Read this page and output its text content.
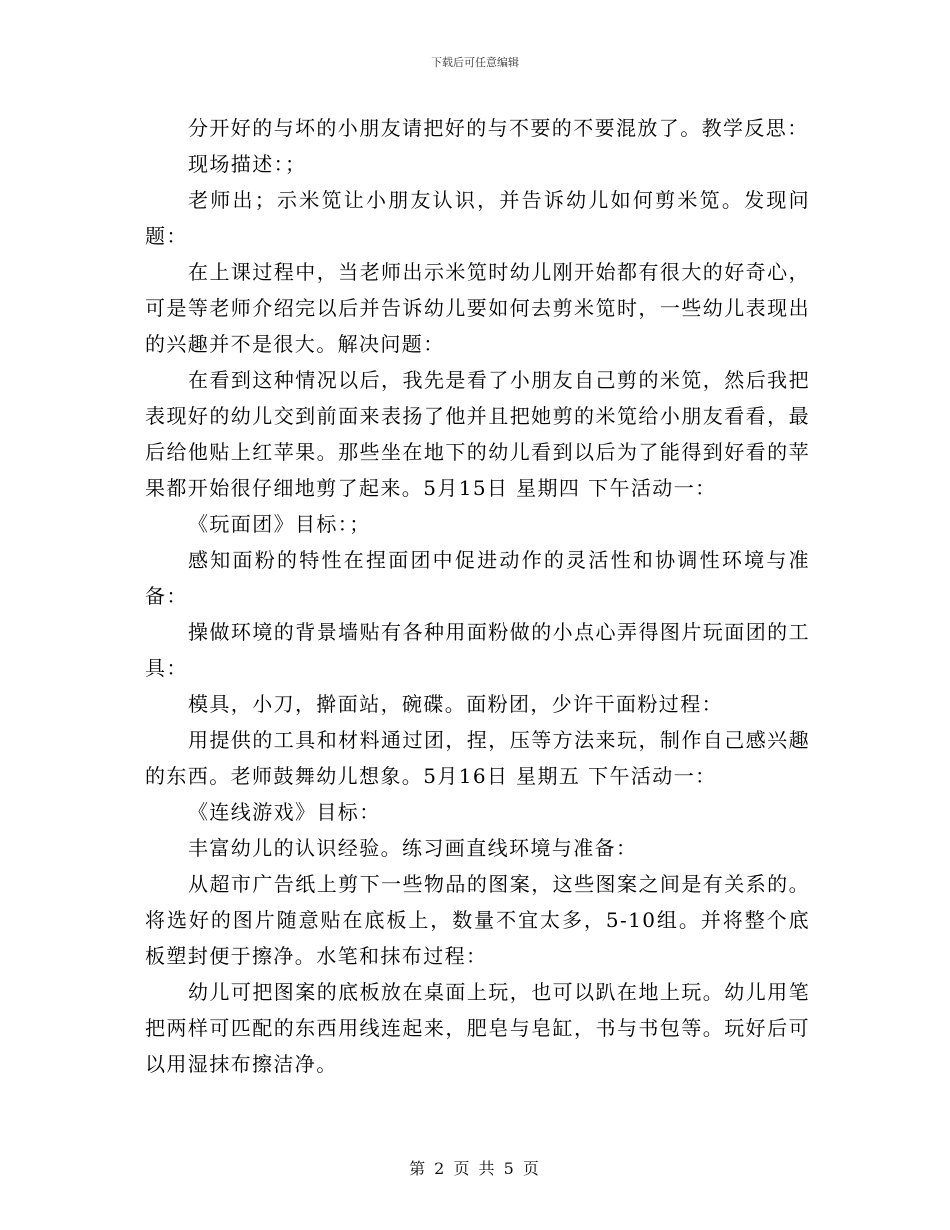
下载后可任意编辑

分开好的与坏的小朋友请把好的与不要的不要混放了。教学反思：

现场描述：；

老师出；示米笕让小朋友认识，并告诉幼儿如何剪米笕。发现问题：

在上课过程中，当老师出示米笕时幼儿刚开始都有很大的好奇心，可是等老师介绍完以后并告诉幼儿要如何去剪米笕时，一些幼儿表现出的兴趣并不是很大。解决问题：

在看到这种情况以后，我先是看了小朋友自己剪的米笕，然后我把表现好的幼儿交到前面来表扬了他并且把她剪的米笕给小朋友看看，最后给他贴上红苹果。那些坐在地下的幼儿看到以后为了能得到好看的苹果都开始很仔细地剪了起来。5月15日 星期四 下午活动一：

《玩面团》目标：；

感知面粉的特性在捏面团中促进动作的灵活性和协调性环境与准备：

操做环境的背景墙贴有各种用面粉做的小点心弄得图片玩面团的工具：

模具，小刀，擀面站，碗碟。面粉团，少许干面粉过程：

用提供的工具和材料通过团，捏，压等方法来玩，制作自己感兴趣的东西。老师鼓舞幼儿想象。5月16日 星期五 下午活动一：

《连线游戏》目标：

丰富幼儿的认识经验。练习画直线环境与准备：

从超市广告纸上剪下一些物品的图案，这些图案之间是有关系的。将选好的图片随意贴在底板上，数量不宜太多，5-10组。并将整个底板塑封便于擦净。水笔和抹布过程：

幼儿可把图案的底板放在桌面上玩，也可以趴在地上玩。幼儿用笔把两样可匹配的东西用线连起来，肥皂与皂缸，书与书包等。玩好后可以用湿抹布擦洁净。

第 2 页 共 5 页
